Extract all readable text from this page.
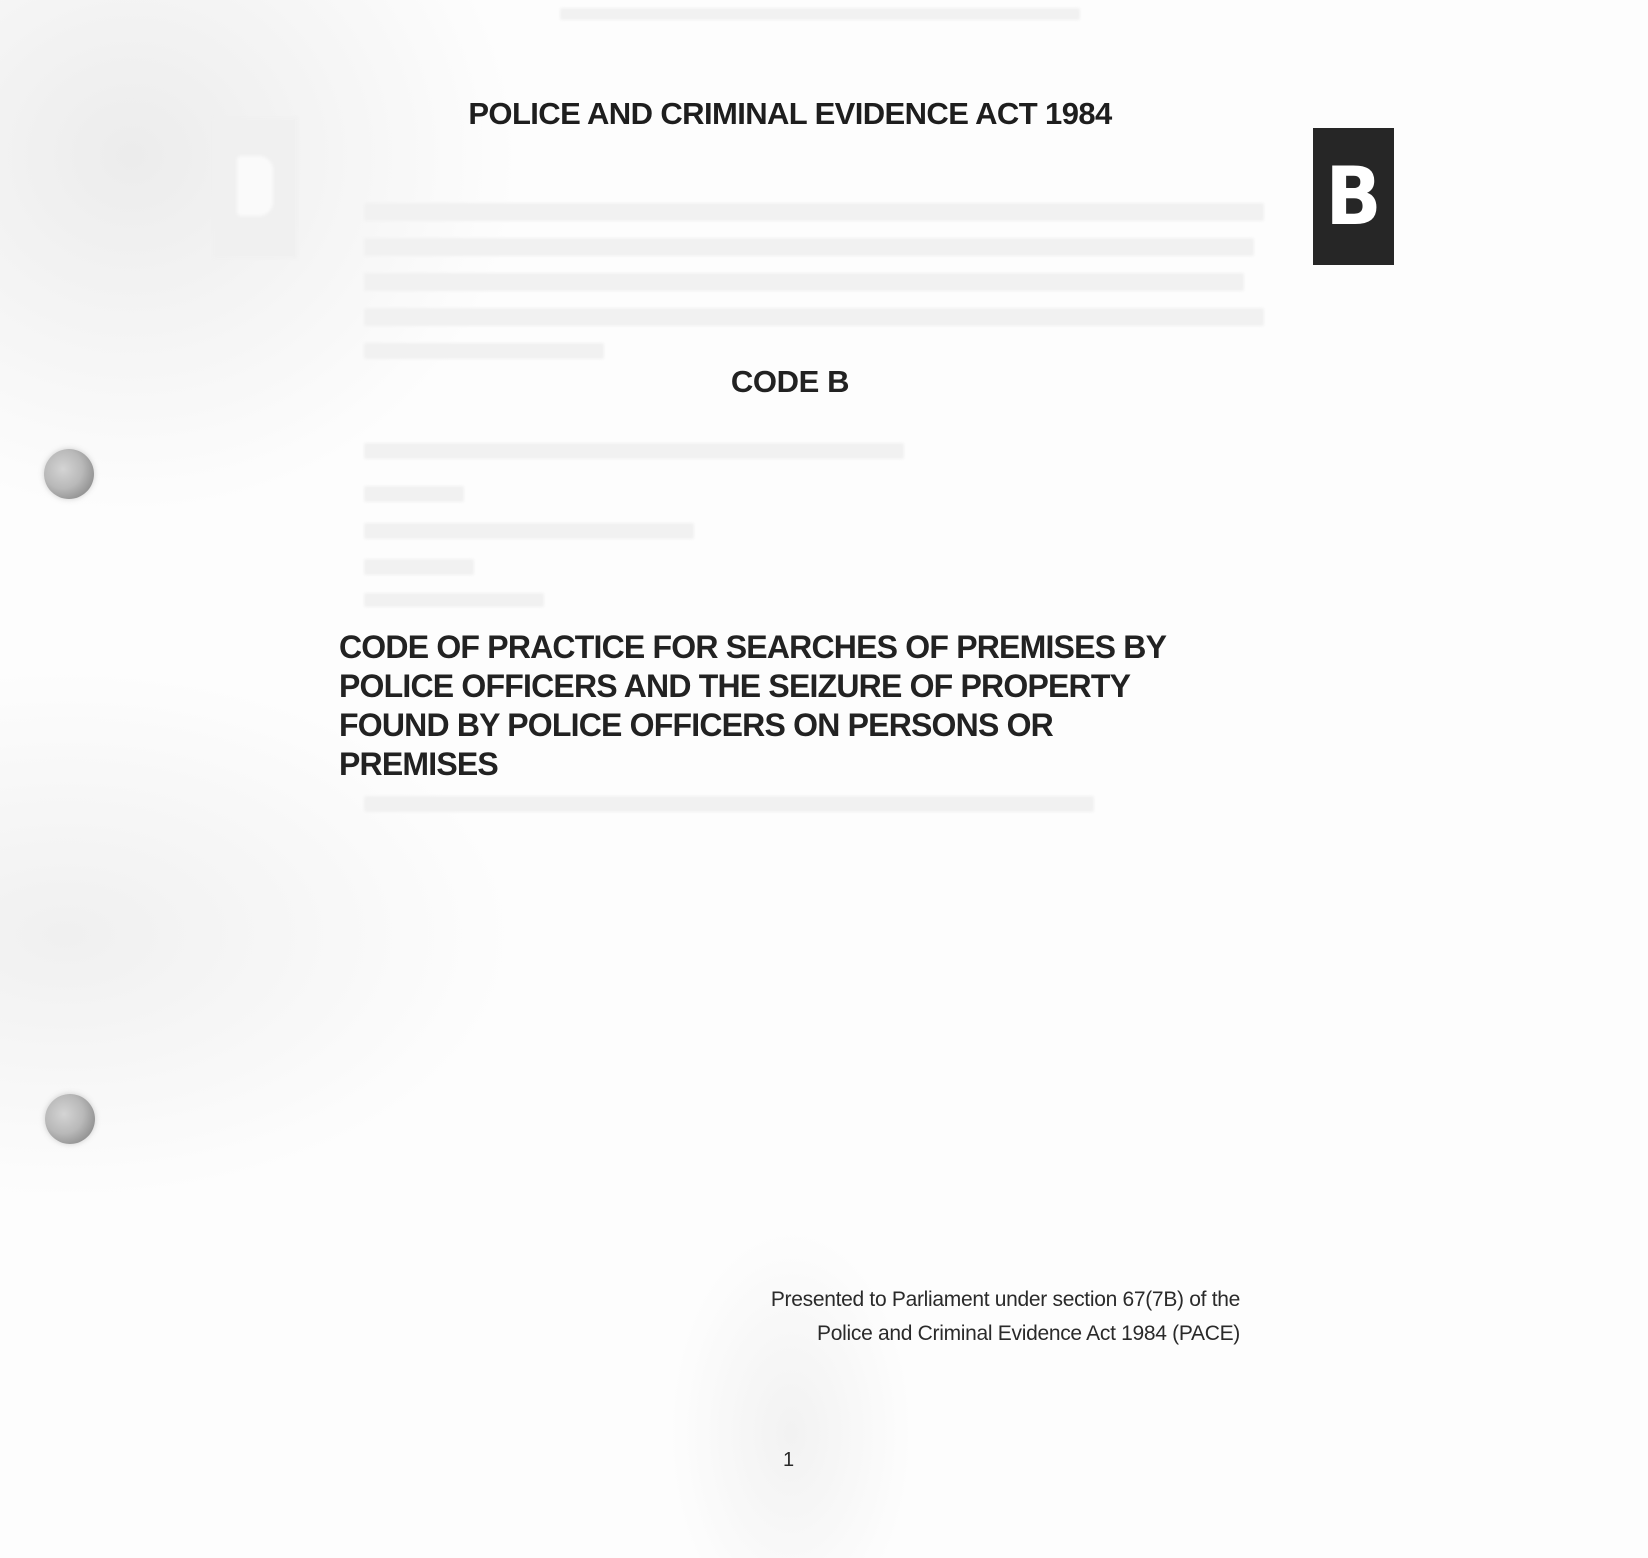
POLICE AND CRIMINAL EVIDENCE ACT 1984
B
CODE B
CODE OF PRACTICE FOR SEARCHES OF PREMISES BY
POLICE OFFICERS AND THE SEIZURE OF PROPERTY
FOUND BY POLICE OFFICERS ON PERSONS OR
PREMISES
Presented to Parliament under section 67(7B) of the
Police and Criminal Evidence Act 1984 (PACE)
1
